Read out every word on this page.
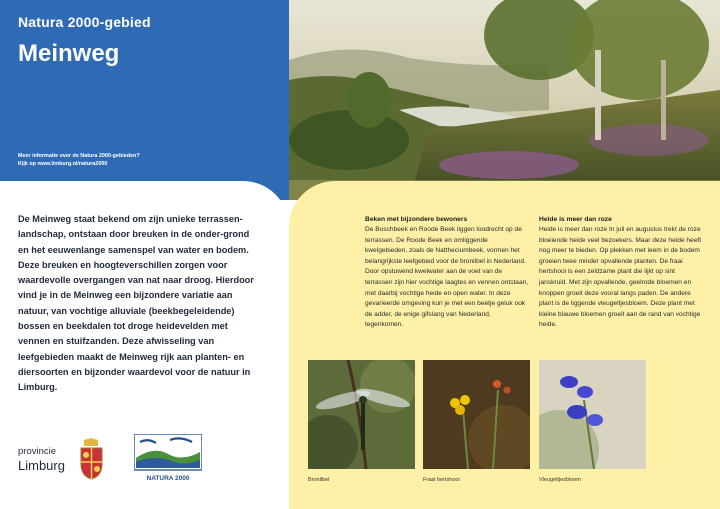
Natura 2000-gebied
Meinweg
Meer informatie over de Natura 2000-gebieden?
Kijk op www.limburg.nl/natura2000
De Meinweg staat bekend om zijn unieke terrassen-landschap, ontstaan door breuken in de onder-grond en het eeuwenlange samenspel van water en bodem. Deze breuken en hoogteverschillen zorgen voor waardevolle overgangen van nat naar droog. Hierdoor vind je in de Meinweg een bijzondere variatie aan natuur, van vochtige alluviale (beekbegeleidende) bossen en beekdalen tot droge heidevelden met vennen en stuifzanden. Deze afwisseling van leefgebieden maakt de Meinweg rijk aan planten- en diersoorten en bijzonder waardevol voor de natuur in Limburg.
Beken met bijzondere bewoners

De Boschbeek en Roode Beek liggen loodrecht op de terrassen. De Roode Beek en omliggende kwelgebieden, zoals de Nattheciumbeek, vormen het belangrijkste leefgebied voor de bronlibel in Nederland. Door opstuwend kwelwater aan de voet van de terrassen zijn hier vochtige laagtes en vennen ontstaan, met daarbij vochtige heide en open water. In deze gevarieerde omgeving kun je met een beetje geluk ook de adder, de enige gifslang van Nederland, tegenkomen.

Heide is meer dan roze

Heide is meer dan roze In juli en augustus trekt de roze bloeiende heide veel bezoekers. Maar deze heide heeft nog meer te bieden. Op plekken met leem in de bodem groeien twee minder opvallende planten. De fraai hertshooi is een zeldzame plant die lijkt op sint janskruid. Met zijn opvallende, geelrode bloemen en knoppen groeit deze vooral langs paden. De andere plant is de liggende vleugeltjesbloem. Deze plant met kleine blauwe bloemen groeit aan de rand van vochtige heide.

Bronlibel	Fraai hertshooi	Vleugeltjesbloem
provincie
Limburg
NATURA 2000
